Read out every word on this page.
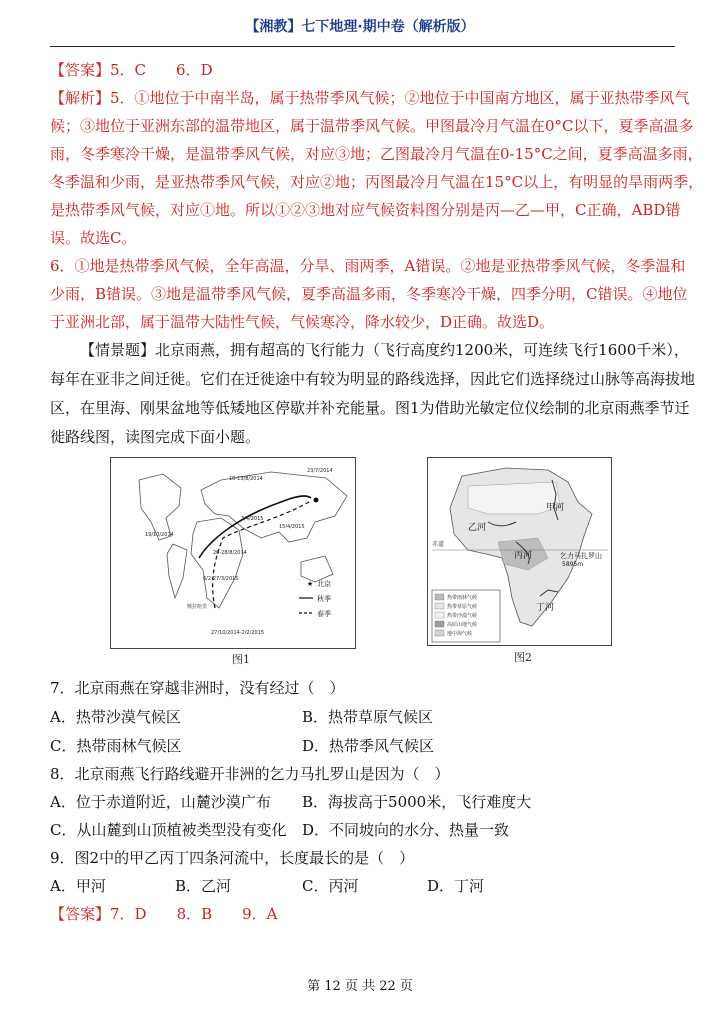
【湘教】七下地理·期中卷（解析版）
【答案】5．C　　6．D
【解析】5．①地位于中南半岛，属于热带季风气候；②地位于中国南方地区，属于亚热带季风气
候；③地位于亚洲东部的温带地区，属于温带季风气候。甲图最冷月气温在0°C以下，夏季高温多
雨，冬季寒冷干燥，是温带季风气候，对应③地；乙图最冷月气温在0-15°C之间，夏季高温多雨，
冬季温和少雨，是亚热带季风气候，对应②地；丙图最冷月气温在15°C以上，有明显的旱雨两季，
是热带季风气候，对应①地。所以①②③地对应气候资料图分别是丙—乙—甲，C正确，ABD错
误。故选C。
6．①地是热带季风气候，全年高温，分旱、雨两季，A错误。②地是亚热带季风气候，冬季温和
少雨，B错误。③地是温带季风气候，夏季高温多雨，冬季寒冷干燥，四季分明，C错误。④地位
于亚洲北部，属于温带大陆性气候，气候寒冷，降水较少，D正确。故选D。
【情景题】北京雨燕，拥有超高的飞行能力（飞行高度约1200米，可连续飞行1600千米），
每年在亚非之间迁徙。它们在迁徙途中有较为明显的路线选择，因此它们选择绕过山脉等高海拔地
区，在里海、刚果盆地等低矮地区停歇并补充能量。图1为借助光敏定位仪绘制的北京雨燕季节迁
徙路线图，读图完成下面小题。
10-13/8/2014
23/7/2014
3/4/2015
15/4/2015
19/10/2014
26-28/8/2014
6/2-27/3/2015
27/10/2014-2/2/2015
喀拉哈里
★ 北京
秋季
春季
图1
甲河
乙河
丙河
丁河
乞力马扎罗山
5895m
赤道
热带雨林气候
热带草原气候
热带沙漠气候
高原山地气候
地中海气候
图2
7．北京雨燕在穿越非洲时，没有经过（　）
A．热带沙漠气候区	B．热带草原气候区
C．热带雨林气候区	D．热带季风气候区
8．北京雨燕飞行路线避开非洲的乞力马扎罗山是因为（　）
A．位于赤道附近，山麓沙漠广布 B．海拔高于5000米，飞行难度大
C．从山麓到山顶植被类型没有变化 D．不同坡向的水分、热量一致
9．图2中的甲乙丙丁四条河流中，长度最长的是（　）
A．甲河	B．乙河	C．丙河	D．丁河
【答案】7．D　　8．B　　9．A
第 12 页 共 22 页
